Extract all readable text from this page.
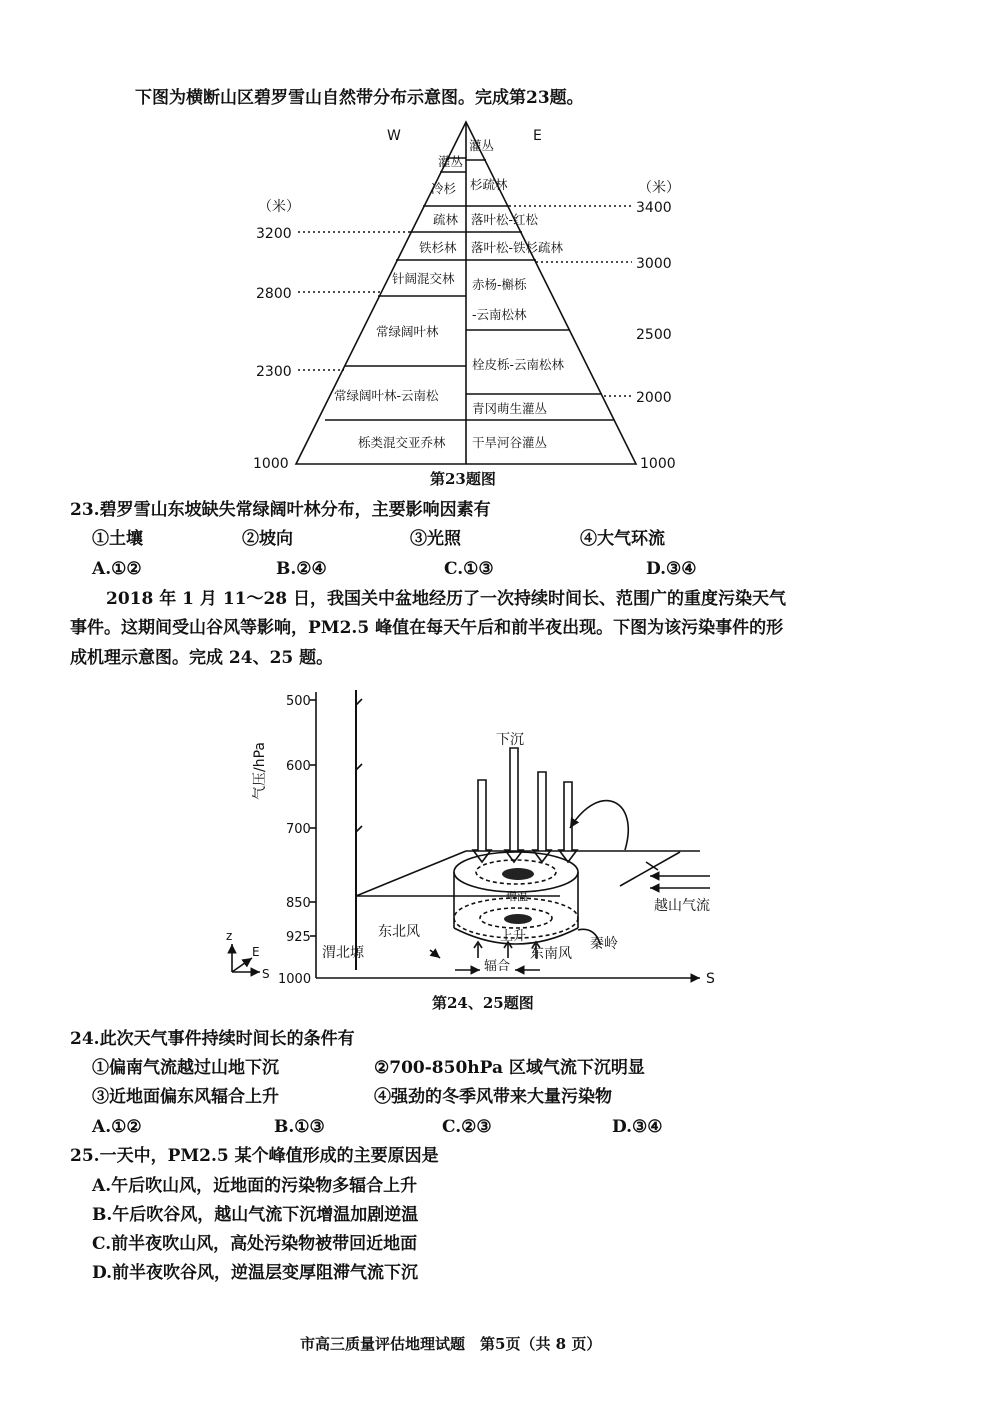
下图为横断山区碧罗雪山自然带分布示意图。完成第23题。
W	E
（米）
（米）
3200
2800
2300
1000
3400
3000
2500
2000
1000
灌丛
冷杉
疏林
铁杉林
针阔混交林
常绿阔叶林
常绿阔叶林-云南松
栎类混交亚乔林
灌丛
杉疏林
落叶松-红松
落叶松-铁杉疏林
赤杨-槲栎
-云南松林
栓皮栎-云南松林
青冈萌生灌丛
干旱河谷灌丛
第23题图
23.碧罗雪山东坡缺失常绿阔叶林分布，主要影响因素有
①土壤	②坡向	③光照	④大气环流
A.①②	B.②④	C.①③	D.③④
2018 年 1 月 11～28 日，我国关中盆地经历了一次持续时间长、范围广的重度污染天气
事件。这期间受山谷风等影响，PM2.5 峰值在每天午后和前半夜出现。下图为该污染事件的形
成机理示意图。完成 24、25 题。
500
600
700
850
925
1000
气压/hPa
下沉
增温
上升
东北风
东南风
辐合
渭北塬
秦岭
越山气流
z
E
S	S
第24、25题图
24.此次天气事件持续时间长的条件有
①偏南气流越过山地下沉	②700-850hPa 区域气流下沉明显
③近地面偏东风辐合上升	④强劲的冬季风带来大量污染物
A.①②	B.①③	C.②③	D.③④
25.一天中，PM2.5 某个峰值形成的主要原因是
A.午后吹山风，近地面的污染物多辐合上升
B.午后吹谷风，越山气流下沉增温加剧逆温
C.前半夜吹山风，高处污染物被带回近地面
D.前半夜吹谷风，逆温层变厚阻滞气流下沉
市高三质量评估地理试题　第5页（共 8 页）
